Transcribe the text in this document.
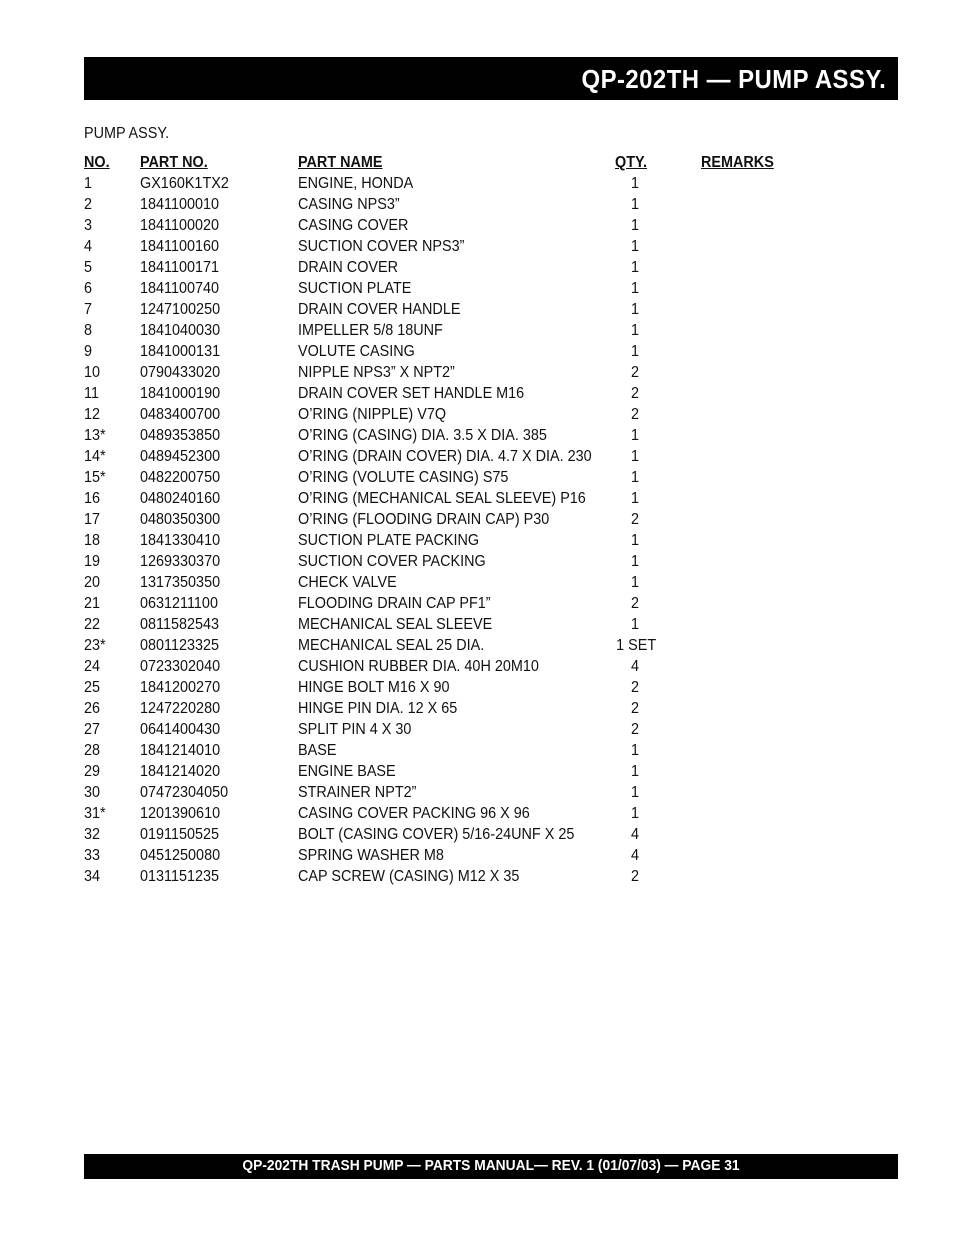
QP-202TH — PUMP ASSY.
PUMP ASSY.
NO. PART NO.	PART NAME	QTY.	REMARKS
1	GX160K1TX2	ENGINE, HONDA	1
2	1841100010	CASING NPS3”	1
3	1841100020	CASING COVER	1
4	1841100160	SUCTION COVER NPS3”	1
5	1841100171	DRAIN COVER	1
6	1841100740	SUCTION PLATE	1
7	1247100250	DRAIN COVER HANDLE	1
8	1841040030	IMPELLER 5/8 18UNF	1
9	1841000131	VOLUTE CASING	1
10 0790433020	NIPPLE NPS3” X NPT2”	2
11	1841000190	DRAIN COVER SET HANDLE M16	2
12 0483400700	O’RING (NIPPLE) V7Q	2
13* 0489353850	O’RING (CASING) DIA. 3.5 X DIA. 385	1
14* 0489452300	O’RING (DRAIN COVER) DIA. 4.7 X DIA. 230	1
15* 0482200750	O’RING (VOLUTE CASING) S75	1
16 0480240160	O’RING (MECHANICAL SEAL SLEEVE) P16	1
17 0480350300	O’RING (FLOODING DRAIN CAP) P30	2
18 1841330410	SUCTION PLATE PACKING	1
19 1269330370	SUCTION COVER PACKING	1
20 1317350350	CHECK VALVE	1
21 0631211100	FLOODING DRAIN CAP PF1”	2
22 0811582543	MECHANICAL SEAL SLEEVE	1
23* 0801123325	MECHANICAL SEAL 25 DIA.	1 SET
24 0723302040	CUSHION RUBBER DIA. 40H 20M10	4
25 1841200270	HINGE BOLT M16 X 90	2
26 1247220280	HINGE PIN DIA. 12 X 65	2
27 0641400430	SPLIT PIN 4 X 30	2
28 1841214010	BASE	1
29 1841214020	ENGINE BASE	1
30 07472304050	STRAINER NPT2”	1
31* 1201390610	CASING COVER PACKING 96 X 96	1
32 0191150525	BOLT (CASING COVER) 5/16-24UNF X 25	4
33 0451250080	SPRING WASHER M8	4
34 0131151235	CAP SCREW (CASING) M12 X 35	2
QP-202TH TRASH PUMP — PARTS MANUAL— REV. 1 (01/07/03) — PAGE 31
